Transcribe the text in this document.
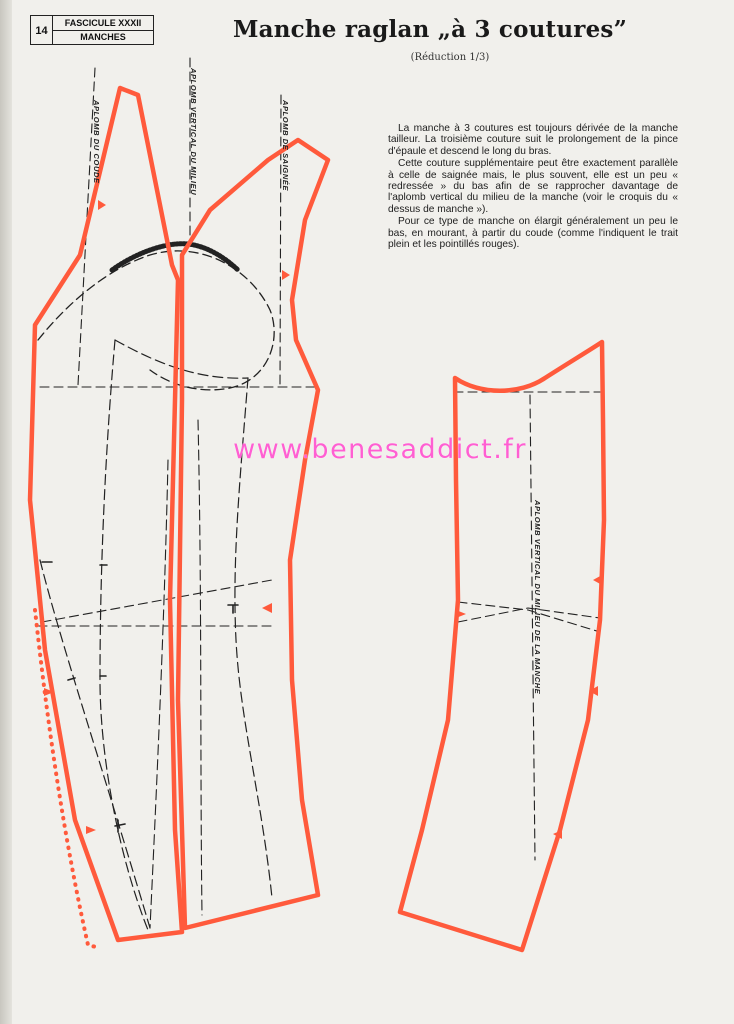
14
FASCICULE XXXII
MANCHES	Manche raglan „à 3 coutures”
(Réduction 1/3)

La manche à 3 coutures est toujours dérivée de la manche tailleur. La troisième couture suit le prolongement de la pince d'épaule et descend le long du bras.

Cette couture supplémentaire peut être exactement parallèle à celle de saignée mais, le plus souvent, elle est un peu « redressée » du bas afin de se rapprocher davantage de l'aplomb vertical du milieu de la manche (voir le croquis du « dessus de manche »).

Pour ce type de manche on élargit généralement un peu le bas, en mourant, à partir du coude (comme l'indiquent le trait plein et les pointillés rouges).

APLOMB DU COUDE	APLOMB VERTICAL DU MILIEU	APLOMB DE SAIGNÉE
APLOMB VERTICAL DU MILIEU DE LA MANCHE
www.benesaddict.fr
